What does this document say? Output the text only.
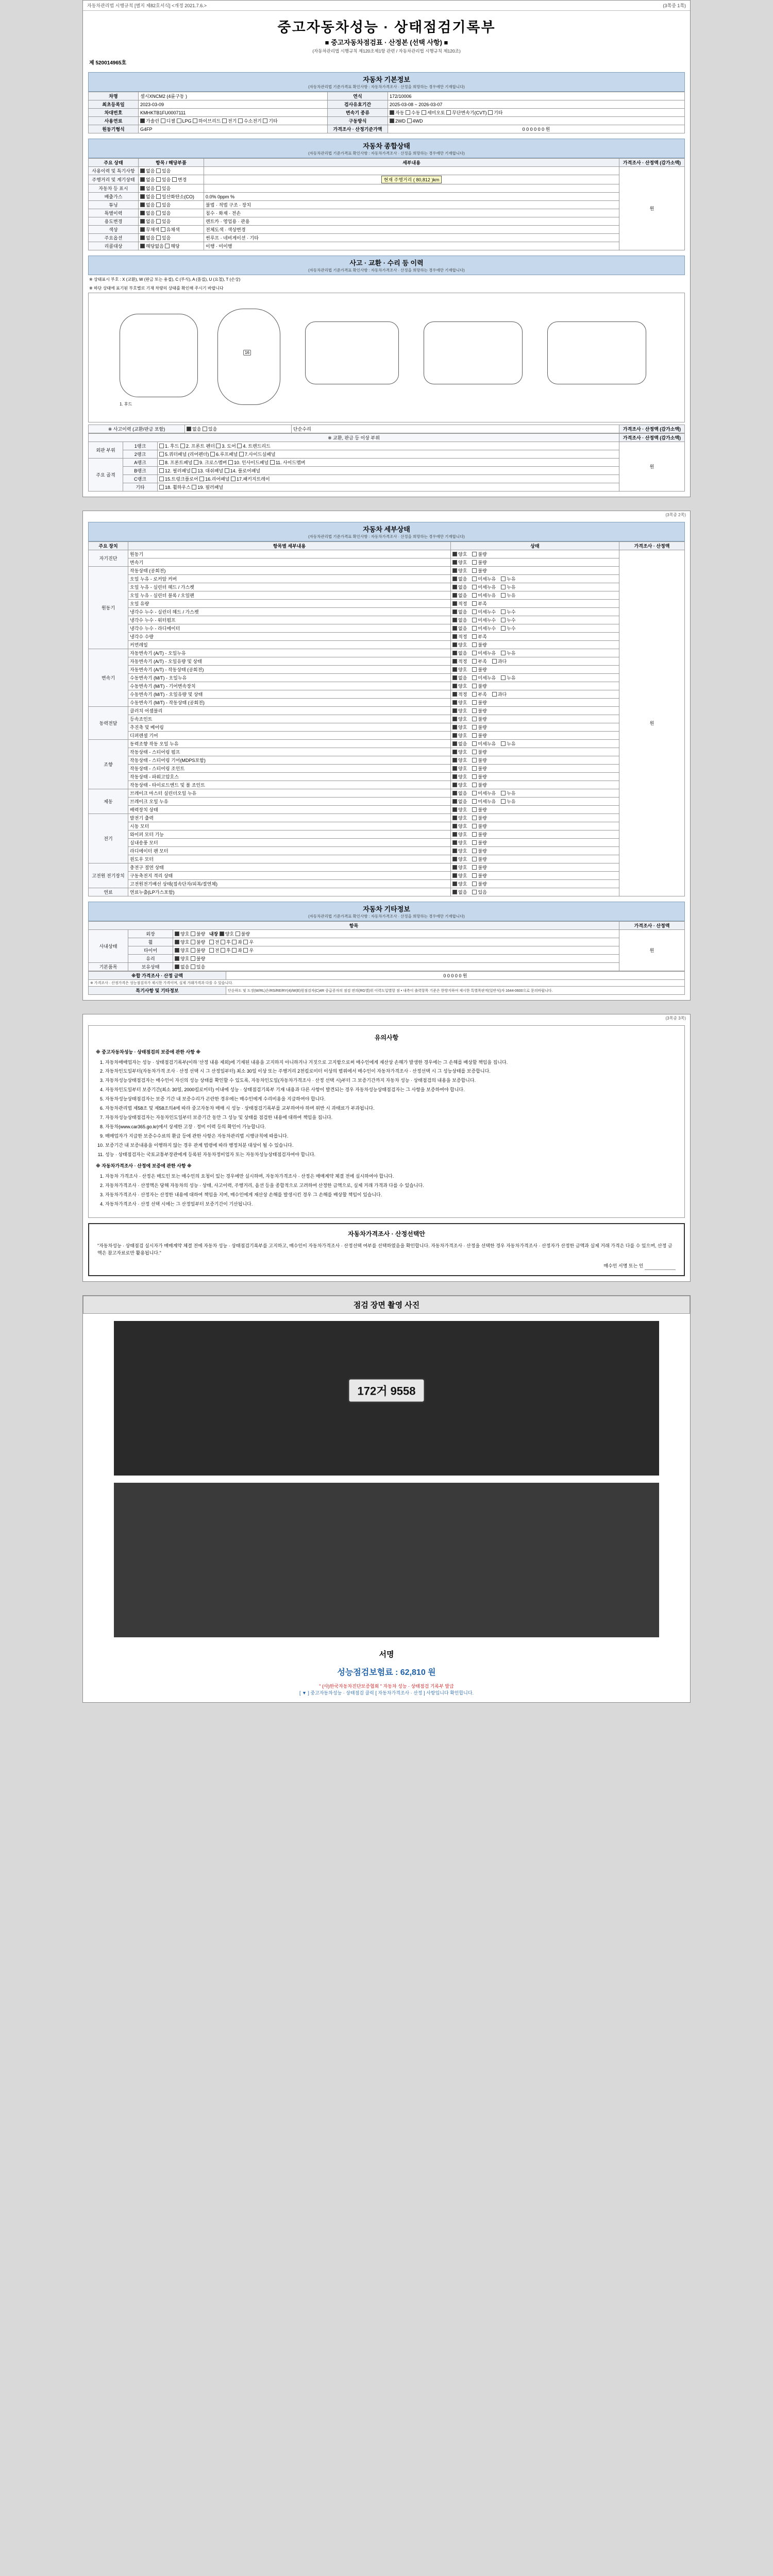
자동차관리법 시행규칙 [별지 제82호서식] <개정 2021.7.6.>	(3쪽중 1쪽)
중고자동차성능 · 상태점검기록부
■ 중고자동차점검표 · 산정본 (선택 사항) ■
(자동차관리법 시행규칙 제120조제1항 관련 / 자동차관리법 시행규칙 제120조)
제 520014965호
자동차 기본정보
(자동차관리법 기준가격표 확인사항 : 자동차가격조사 · 산정을 희망하는 경우에만 기재합니다)
차명	셀시XNCM2 (4륜구동 )	연식	172/10006
최초등록일	2023-03-09	검사유효기간	2025-03-08 ~ 2026-03-07
차대번호	KMHKTB1FU0007111	변속기 종류	자동 수동 세미오토 무단변속기(CVT) 기타
사용연료	가솔린 디젤 LPG 하이브리드 전기 수소전기 기타	구동방식	2WD 4WD
원동기형식	G4FP	가격조사 · 산정기준가액	0 0 0 0 0 0 원
자동차 종합상태
(자동차관리법 기준가격표 확인사항 : 자동차가격조사 · 산정을 희망하는 경우에만 기재합니다)
주요 상태	항목 / 해당부품	세부내용	가격조사 · 산정액 (감가소액)
사용이력 및 특기사항	없음 있음		원
주행거리 및 계기상태	없음 있음 변경	현재 주행거리 ( 80,812 )km	
자동차 등 표시	없음 있음		
배출가스	없음 일산화탄소(CO)	0.0% 0ppm %	
튜닝	없음 있음	불법 · 적법 구조 · 장치	
특별이력	없음 있음	침수 · 화재 · 전손	
용도변경	없음 있음	렌트카 · 영업용 · 관용	
색상	무채색 유채색	전체도색 · 색상변경	
주요옵션	없음 있음	썬루프 · 네비게이션 · 기타	
리콜대상	해당없음 해당	이행 · 미이행	
사고 · 교환 · 수리 등 이력
(자동차관리법 기준가격표 확인사항 : 자동차가격조사 · 산정을 희망하는 경우에만 기재합니다)
※ 상태표시 부호 : X (교환), W (판금 또는 용접), C (부식), A (흠집), U (요철), T (손상)
※ 하단 상태에 표기된 부호별로 기재 차량의 상태를 확인해 주시기 바랍니다
16
1. 후드
※ 사고이력 (교환/판금 포함)	없음 있음	단순수리	가격조사 · 산정액 (감가소액)
※ 교환, 판금 등 이상 부위			가격조사 · 산정액 (감가소액)
외판 부위	1랭크	1. 후드 2. 프론트 펜더 3. 도어 4. 트렌드리드	원
	2랭크	5.쿼터패널 (리어펜더) 6.루프패널 7.사이드실패널	
주요 골격	A랭크	8. 프론트패널 9. 크로스멤버 10. 인사이드패널 11. 사이드멤버	
	B랭크	12. 필러패널 13. 대쉬패널 14. 플로어패널	
	C랭크	15.트렁크플로어 16.리어패널 17.패키지트레이	
	기타	18. 휠하우스 19. 필러패널	
(3쪽중 2쪽)
자동차 세부상태
(자동차관리법 기준가격표 확인사항 : 자동차가격조사 · 산정을 희망하는 경우에만 기재합니다)
주요 장치	항목별 세부내용	상태	가격조사 · 산정액
자기진단	원동기	양호 불량	원
	변속기	양호 불량	
원동기	작동상태 (공회전)	양호 불량	
	오일 누유 - 로커암 커버	없음 미세누유 누유	
	오일 누유 - 실린더 헤드 / 가스켓	없음 미세누유 누유	
	오일 누유 - 실린더 블록 / 오일팬	없음 미세누유 누유	
	오일 유량	적정 부족	
	냉각수 누수 - 실린더 헤드 / 가스켓	없음 미세누수 누수	
	냉각수 누수 - 워터펌프	없음 미세누수 누수	
	냉각수 누수 - 라디에이터	없음 미세누수 누수	
	냉각수 수량	적정 부족	
	커먼레일	양호 불량	
변속기	자동변속기 (A/T) - 오일누유	없음 미세누유 누유	
	자동변속기 (A/T) - 오일유량 및 상태	적정 부족 과다	
	자동변속기 (A/T) - 작동상태 (공회전)	양호 불량	
	수동변속기 (M/T) - 오일누유	없음 미세누유 누유	
	수동변속기 (M/T) - 기어변속장치	양호 불량	
	수동변속기 (M/T) - 오일유량 및 상태	적정 부족 과다	
	수동변속기 (M/T) - 작동상태 (공회전)	양호 불량	
동력전달	클러치 어셈블리	양호 불량	
	등속조인트	양호 불량	
	추진축 및 베어링	양호 불량	
	디퍼렌셜 기어	양호 불량	
조향	동력조향 작동 오일 누유	없음 미세누유 누유	
	작동상태 - 스티어링 펌프	양호 불량	
	작동상태 - 스티어링 기어(MDPS포함)	양호 불량	
	작동상태 - 스티어링 조인트	양호 불량	
	작동상태 - 파워고압호스	양호 불량	
	작동상태 - 타이로드엔드 및 볼 조인트	양호 불량	
제동	브레이크 마스터 실린더오일 누유	없음 미세누유 누유	
	브레이크 오일 누유	없음 미세누유 누유	
	배력장치 상태	양호 불량	
전기	발전기 출력	양호 불량	
	시동 모터	양호 불량	
	와이퍼 모터 기능	양호 불량	
	실내송풍 모터	양호 불량	
	라디에이터 팬 모터	양호 불량	
	윈도우 모터	양호 불량	
고전원 전기장치	충전구 절연 상태	양호 불량	
	구동축전지 격리 상태	양호 불량	
	고전원전기배선 상태(접속단자/피복/절연체)	양호 불량	
연료	연료누출(LP가스포함)	없음 있음	
자동차 기타정보
(자동차관리법 기준가격표 확인사항 : 자동차가격조사 · 산정을 희망하는 경우에만 기재합니다)
항목			가격조사 · 산정액
사내상태	외장	양호 불량 내장 양호 불량	원
	휠	양호 불량 전 후 좌 우	
	타이어	양호 불량 전 후 좌 우	
	유리	양호 불량	
기본품목	보유상태	없음 있음	
※합 가격조사 · 산정 금액	0 0 0 0 0 원
※ 가격조사 · 산정가격은 성능점검자가 제시한 가격이며, 실제 거래가격과 다를 수 있습니다.	
특기사항 및 기타정보	단순하도 및 도장(W/RL)은/RS/RE/RY(4)/W(E)원점검자(C)4R 중급증자의 점검 편의(RG별)위 이력도입별항 점 • 내측이 출력항목 기준은 한방지하여 제시한 특별목판적(일반식)자 1644-0600으로 문의바랍니다.
(3쪽중 3쪽)
유의사항

※ 중고자동차성능 · 상태점검의 보증에 관한 사항 ※

1. 자동차매매업자는 성능 · 상태점검기록부(이하 '산정 내용 제외)에 기재된 내용을 고지하지 아니하거나 거짓으로 고지함으로써 매수인에게 재산상 손해가 발생한 경우에는 그 손해를 배상할 책임을 집니다.
2. 자동차인도일부터(자동차가격 조사 · 산정 선택 시 그 산정일부터) 최소 30일 이상 또는 주행거리 2천킬로미터 이상의 범위에서 매수인이 자동차가격조사 · 산정선택 시 그 성능상태를 보증합니다.
3. 자동차성능상태점검자는 매수인이 자신의 성능 상태를 확인할 수 있도록, 자동차인도일(자동차가격조사 · 산정 선택 시)부터 그 보증기간까지 자동차 성능 · 상태점검의 내용을 보증합니다.
4. 자동차인도일부터 보증기간(최소 30일, 2000킬로미터) 이내에 성능 · 상태점검기록부 기재 내용과 다른 사항이 발견되는 경우 자동차성능상태점검자는 그 사항을 보증하여야 합니다.
5. 자동차성능상태점검자는 보증 기간 내 보증수리가 곤란한 경우에는 매수인에게 수리비용을 지급하여야 합니다.
6. 자동차관리법 제58조 및 제58조의4에 따라 중고자동차 매매 시 성능 · 상태점검기록부를 교부하여야 하며 위반 시 과태료가 부과됩니다.
7. 자동차성능상태점검자는 자동차인도일부터 보증기간 동안 그 성능 및 상태를 점검한 내용에 대하여 책임을 집니다.
8. 자동차(www.car365.go.kr)에서 상세한 고장 · 정비 이력 등의 확인이 가능합니다.
9. 매매업자가 지급한 보증수수료의 환급 등에 관한 사항은 자동차관리법 시행규칙에 따릅니다.
10. 보증기간 내 보증내용을 이행하지 않는 경우 관계 법령에 따라 행정처분 대상이 될 수 있습니다.
11. 성능 · 상태점검자는 국토교통부장관에게 등록된 자동차정비업자 또는 자동차성능상태점검자여야 합니다.

※ 자동차가격조사 · 산정에 보증에 관한 사항 ※

1. 자동차 가격조사 · 산정은 매도인 또는 매수인의 요청이 있는 경우에만 실시하며, 자동차가격조사 · 산정은 매매계약 체결 전에 실시하여야 합니다.
2. 자동차가격조사 · 산정액은 당해 자동차의 성능 · 상태, 사고이력, 주행거리, 옵션 등을 종합적으로 고려하여 산정한 금액으로, 실제 거래 가격과 다를 수 있습니다.
3. 자동차가격조사 · 산정자는 산정한 내용에 대하여 책임을 지며, 매수인에게 재산상 손해를 발생시킨 경우 그 손해를 배상할 책임이 있습니다.
4. 자동차가격조사 · 산정 선택 시에는 그 산정일부터 보증기간이 기산됩니다.
자동차가격조사 · 산정선택안
"자동차성능 · 상태점검 실시자가 매매계약 체결 전에 자동차 성능 · 상태점검기록부를 고지하고, 매수인이 자동차가격조사 · 산정선택 여부를 선택하였음을 확인합니다. 자동차가격조사 · 산정을 선택한 경우 자동차가격조사 · 산정자가 산정한 금액과 실제 거래 가격은 다를 수 있으며, 산정 금액은 참고자료로만 활용됩니다."
매수인 서명 또는 인
점검 장면 촬영 사진
172거 9558
서명
성능점검보험료 : 62,810 원
" (사)한국자동차진단보증협회 " 자동차 성능 · 상태점검 기록부 발급
[ ▼ ] 중고자동차성능 · 상태점검 클릭 [ 자동차가격조사 · 산정 ] 사항입니다 확인합니다.
